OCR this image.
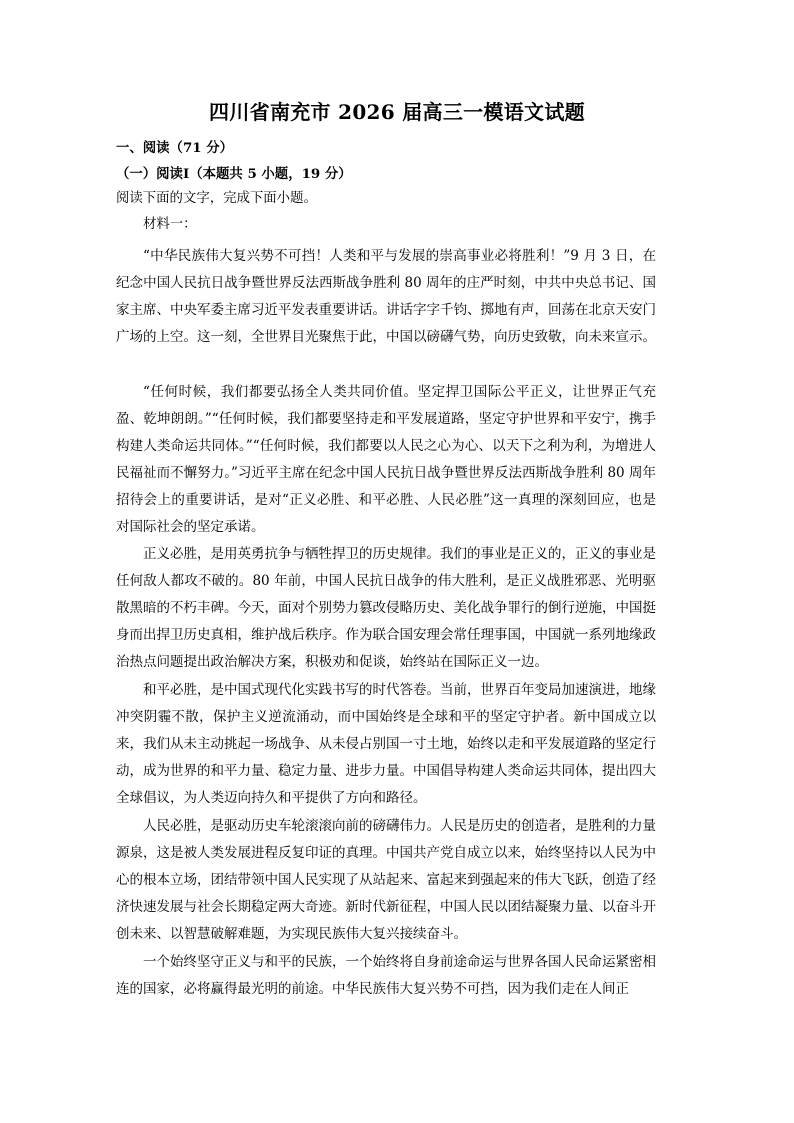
四川省南充市 2026 届高三一模语文试题
一、阅读（71 分）
（一）阅读Ⅰ（本题共 5 小题，19 分）
阅读下面的文字，完成下面小题。
材料一：
“中华民族伟大复兴势不可挡！人类和平与发展的崇高事业必将胜利！”9 月 3 日，在纪念中国人民抗日战争暨世界反法西斯战争胜利 80 周年的庄严时刻，中共中央总书记、国家主席、中央军委主席习近平发表重要讲话。讲话字字千钧、掷地有声，回荡在北京天安门广场的上空。这一刻，全世界目光聚焦于此，中国以磅礴气势，向历史致敬，向未来宣示。
“任何时候，我们都要弘扬全人类共同价值。坚定捍卫国际公平正义，让世界正气充盈、乾坤朗朗。”“任何时候，我们都要坚持走和平发展道路，坚定守护世界和平安宁，携手构建人类命运共同体。”“任何时候，我们都要以人民之心为心、以天下之利为利，为增进人民福祉而不懈努力。”习近平主席在纪念中国人民抗日战争暨世界反法西斯战争胜利 80 周年招待会上的重要讲话，是对“正义必胜、和平必胜、人民必胜”这一真理的深刻回应，也是对国际社会的坚定承诺。
正义必胜，是用英勇抗争与牺牲捍卫的历史规律。我们的事业是正义的，正义的事业是任何敌人都攻不破的。80 年前，中国人民抗日战争的伟大胜利，是正义战胜邪恶、光明驱散黑暗的不朽丰碑。今天，面对个别势力篡改侵略历史、美化战争罪行的倒行逆施，中国挺身而出捍卫历史真相，维护战后秩序。作为联合国安理会常任理事国，中国就一系列地缘政治热点问题提出政治解决方案，积极劝和促谈，始终站在国际正义一边。
和平必胜，是中国式现代化实践书写的时代答卷。当前，世界百年变局加速演进，地缘冲突阴霾不散，保护主义逆流涌动，而中国始终是全球和平的坚定守护者。新中国成立以来，我们从未主动挑起一场战争、从未侵占别国一寸土地，始终以走和平发展道路的坚定行动，成为世界的和平力量、稳定力量、进步力量。中国倡导构建人类命运共同体，提出四大全球倡议，为人类迈向持久和平提供了方向和路径。
人民必胜，是驱动历史车轮滚滚向前的磅礴伟力。人民是历史的创造者，是胜利的力量源泉，这是被人类发展进程反复印证的真理。中国共产党自成立以来，始终坚持以人民为中心的根本立场，团结带领中国人民实现了从站起来、富起来到强起来的伟大飞跃，创造了经济快速发展与社会长期稳定两大奇迹。新时代新征程，中国人民以团结凝聚力量、以奋斗开创未来、以智慧破解难题，为实现民族伟大复兴接续奋斗。
一个始终坚守正义与和平的民族，一个始终将自身前途命运与世界各国人民命运紧密相连的国家，必将赢得最光明的前途。中华民族伟大复兴势不可挡，因为我们走在人间正
